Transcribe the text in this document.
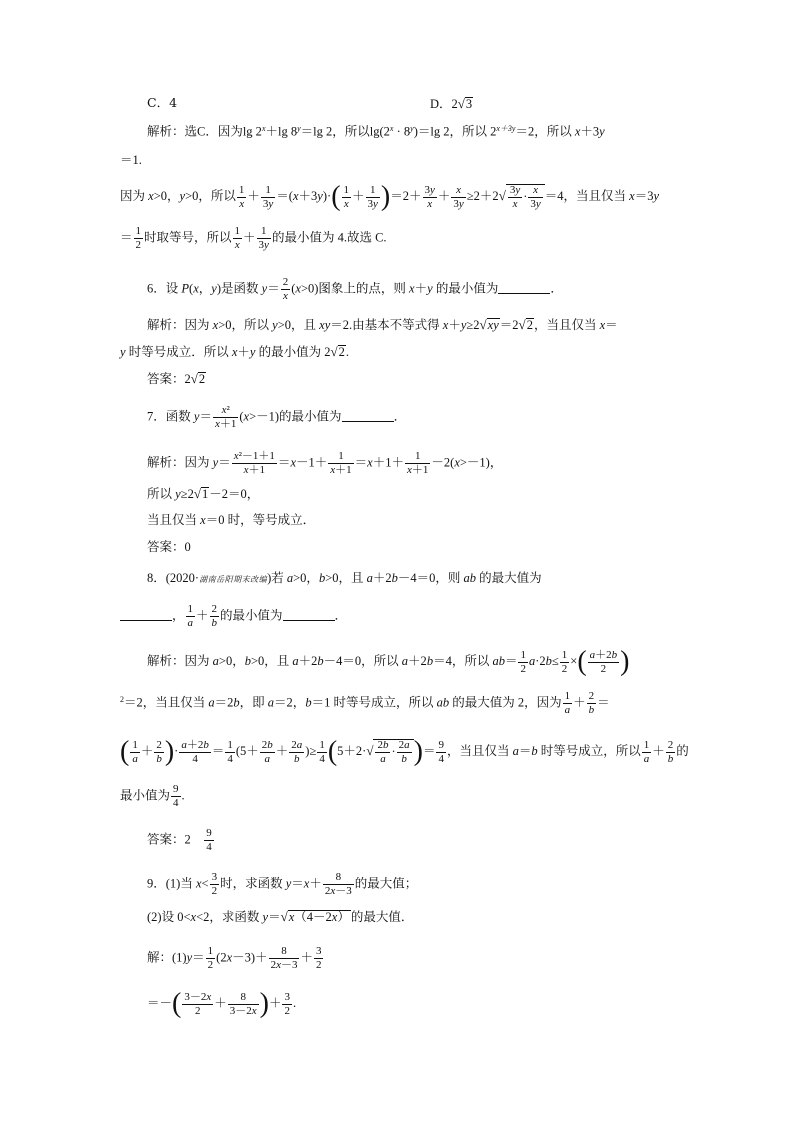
C．4	D．2√3
解析：选C．因为$\lg 2^x+\lg$ $8^y=\lg$ 2，所以$\lg(2^x \cdot 8^y)=\lg$ 2，所以 $2^{x+3y}=2$，所以 x＋3y
＝1.
因为 x>0，y>0，所以 $\frac{1}{x} + \frac{1}{3y} =(x+3y)\cdot( \frac{1}{x} + \frac{1}{3y} )=2+ \frac{3y}{x} + \frac{x}{3y} \ge 2+2√ \frac{3y}{x} \cdot \frac{x}{3y} =4$，当且仅当 x＝3y
＝ $\frac{1}{2}$ 时取等号，所以 $\frac{1}{x} + \frac{1}{3y}$ 的最小值为 4.故选 C.
6．设 P(x，y)是函数 $y= \frac{2}{x} (x>0)$图象上的点，则 x＋y 的最小值为	．
解析：因为 x>0，所以 y>0，且 xy＝2.由基本不等式得 x＋y≥2√xy＝2√2，当且仅当 x＝
y 时等号成立．所以 x＋y 的最小值为 2√2.
答案：2√2
7．函数 $y= \frac{\text{x²}}{x+1} (x>-1)$的最小值为	．
解析：因为 $y= \frac{\text{x²－1＋1}}{x+1} =x-1+ \frac{1}{x+1} =x+1+ \frac{1}{x+1} -2(x>-1)$，
所以 y≥2√1－2＝0，
当且仅当 x＝0 时，等号成立．
答案：0
8．(2020·湖南岳阳期末改编)若 a>0，b>0，且 a＋2b－4＝0，则 ab 的最大值为
， $\frac{1}{a} + \frac{2}{b}$ 的最小值为	．
解析：因为 a>0，b>0，且 a＋2b－4＝0，所以 a＋2b＝4，所以 $ab= \frac{1}{2} a\cdot 2b\le \frac{1}{2}$ ×( $\frac{a+2b}{2}$ )
$^2$＝2，当且仅当 a＝2b，即 a＝2，b＝1 时等号成立，所以 ab 的最大值为 2，因为 $\frac{1}{a} + \frac{2}{b}$ ＝
( $\frac{1}{a} + \frac{2}{b}$ )· $\frac{a+2b}{4} = \frac{1}{4} (5+ \frac{2b}{a} + \frac{2a}{b}$ )≥ $\frac{1}{4} (5+2\cdot√ \frac{2b}{a} \cdot \frac{2a}{b}$ )＝ $\frac{9}{4}$ ，当且仅当 a＝b 时等号成立，所以 $\frac{1}{a} + \frac{2}{b}$ 的
最小值为 $\frac{9}{4}$ .
答案：2　 $\frac{9}{4}$
9．(1)当 $x< \frac{3}{2}$ 时，求函数 $y=x+ \frac{8}{2x-3}$ 的最大值；
(2)设 0<x<2，求函数 y＝√x（4－2x）的最大值．
解：$(1)y= \frac{1}{2} (2x-3)+ \frac{8}{2x-3} + \frac{3}{2}$
＝－( $\frac{3-2x}{2} + \frac{8}{3-2x}$ )＋ $\frac{3}{2}$ .
